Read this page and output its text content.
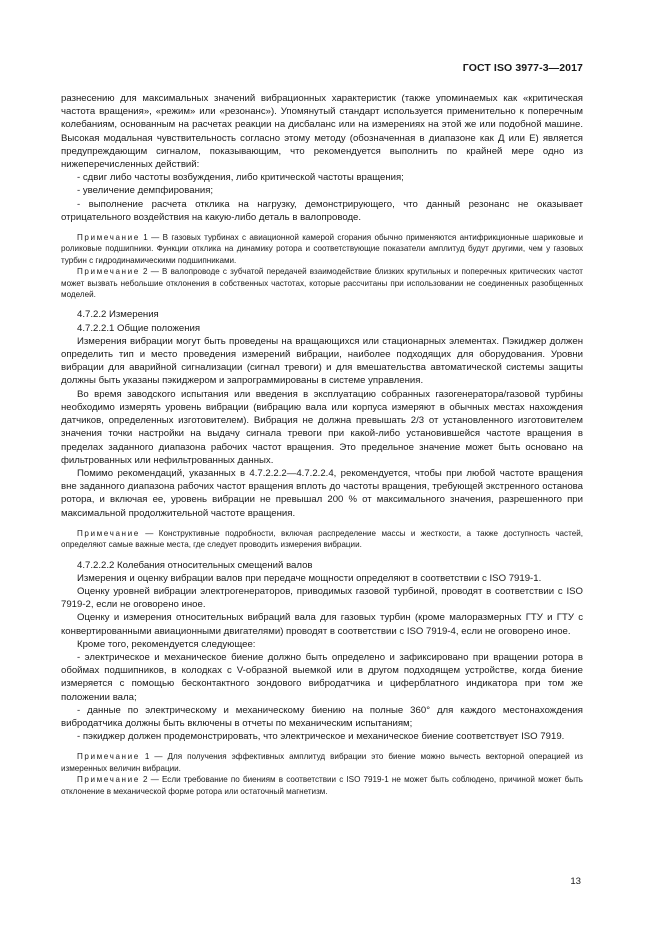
ГОСТ ISO 3977-3—2017

разнесению для максимальных значений вибрационных характеристик (также упоминаемых как «критическая частота вращения», «режим» или «резонанс»). Упомянутый стандарт используется применительно к поперечным колебаниям, основанным на расчетах реакции на дисбаланс или на измерениях на этой же или подобной машине. Высокая модальная чувствительность согласно этому методу (обозначенная в диапазоне как Д или Е) является предупреждающим сигналом, показывающим, что рекомендуется выполнить по крайней мере одно из нижеперечисленных действий:

- сдвиг либо частоты возбуждения, либо критической частоты вращения;

- увеличение демпфирования;

- выполнение расчета отклика на нагрузку, демонстрирующего, что данный резонанс не оказывает отрицательного воздействия на какую-либо деталь в валопроводе.

Примечание 1 — В газовых турбинах с авиационной камерой сгорания обычно применяются антифрикционные шариковые и роликовые подшипники. Функции отклика на динамику ротора и соответствующие показатели амплитуд будут другими, чем у газовых турбин с гидродинамическими подшипниками.

Примечание 2 — В валопроводе с зубчатой передачей взаимодействие близких крутильных и поперечных критических частот может вызвать небольшие отклонения в собственных частотах, которые рассчитаны при использовании не соединенных разобщенных моделей.

4.7.2.2 Измерения

4.7.2.2.1 Общие положения

Измерения вибрации могут быть проведены на вращающихся или стационарных элементах. Пэкиджер должен определить тип и место проведения измерений вибрации, наиболее подходящих для оборудования. Уровни вибрации для аварийной сигнализации (сигнал тревоги) и для вмешательства автоматической системы защиты должны быть указаны пэкиджером и запрограммированы в системе управления.

Во время заводского испытания или введения в эксплуатацию собранных газогенератора/газовой турбины необходимо измерять уровень вибрации (вибрацию вала или корпуса измеряют в обычных местах нахождения датчиков, определенных изготовителем). Вибрация не должна превышать 2/3 от установленного изготовителем значения точки настройки на выдачу сигнала тревоги при какой-либо установившейся частоте вращения в пределах заданного диапазона рабочих частот вращения. Это предельное значение может быть основано на фильтрованных или нефильтрованных данных.

Помимо рекомендаций, указанных в 4.7.2.2.2—4.7.2.2.4, рекомендуется, чтобы при любой частоте вращения вне заданного диапазона рабочих частот вращения вплоть до частоты вращения, требующей экстренного останова ротора, и включая ее, уровень вибрации не превышал 200 % от максимального значения, разрешенного при максимальной продолжительной частоте вращения.

Примечание — Конструктивные подробности, включая распределение массы и жесткости, а также доступность частей, определяют самые важные места, где следует проводить измерения вибрации.

4.7.2.2.2 Колебания относительных смещений валов

Измерения и оценку вибрации валов при передаче мощности определяют в соответствии с ISO 7919-1.

Оценку уровней вибрации электрогенераторов, приводимых газовой турбиной, проводят в соответствии с ISO 7919-2, если не оговорено иное.

Оценку и измерения относительных вибраций вала для газовых турбин (кроме малоразмерных ГТУ и ГТУ с конвертированными авиационными двигателями) проводят в соответствии с ISO 7919-4, если не оговорено иное.

Кроме того, рекомендуется следующее:

- электрическое и механическое биение должно быть определено и зафиксировано при вращении ротора в обоймах подшипников, в колодках с V-образной выемкой или в другом подходящем устройстве, когда биение измеряется с помощью бесконтактного зондового вибродатчика и циферблатного индикатора при том же положении вала;

- данные по электрическому и механическому биению на полные 360° для каждого местонахождения вибродатчика должны быть включены в отчеты по механическим испытаниям;

- пэкиджер должен продемонстрировать, что электрическое и механическое биение соответствует ISO 7919.

Примечание 1 — Для получения эффективных амплитуд вибрации это биение можно вычесть векторной операцией из измеренных величин вибрации.

Примечание 2 — Если требование по биениям в соответствии с ISO 7919-1 не может быть соблюдено, причиной может быть отклонение в механической форме ротора или остаточный магнетизм.

13
